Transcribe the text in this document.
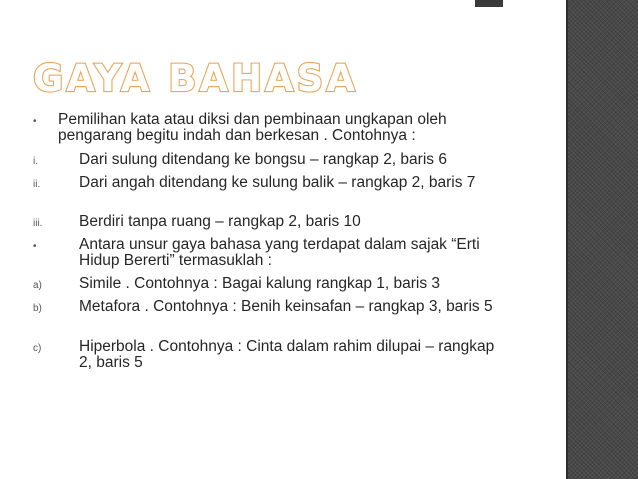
GAYA BAHASA
• Pemilihan kata atau diksi dan pembinaan ungkapan oleh pengarang begitu indah dan berkesan . Contohnya :
i.	Dari sulung ditendang ke bongsu – rangkap 2, baris 6
ii.	Dari angah ditendang ke sulung balik – rangkap 2, baris 7
iii. Berdiri tanpa ruang – rangkap 2, baris 10
•	Antara unsur gaya bahasa yang terdapat dalam sajak “Erti Hidup Bererti” termasuklah :
a) Simile . Contohnya : Bagai kalung rangkap 1, baris 3
b) Metafora . Contohnya : Benih keinsafan – rangkap 3, baris 5
c) Hiperbola . Contohnya : Cinta dalam rahim dilupai – rangkap 2, baris 5
